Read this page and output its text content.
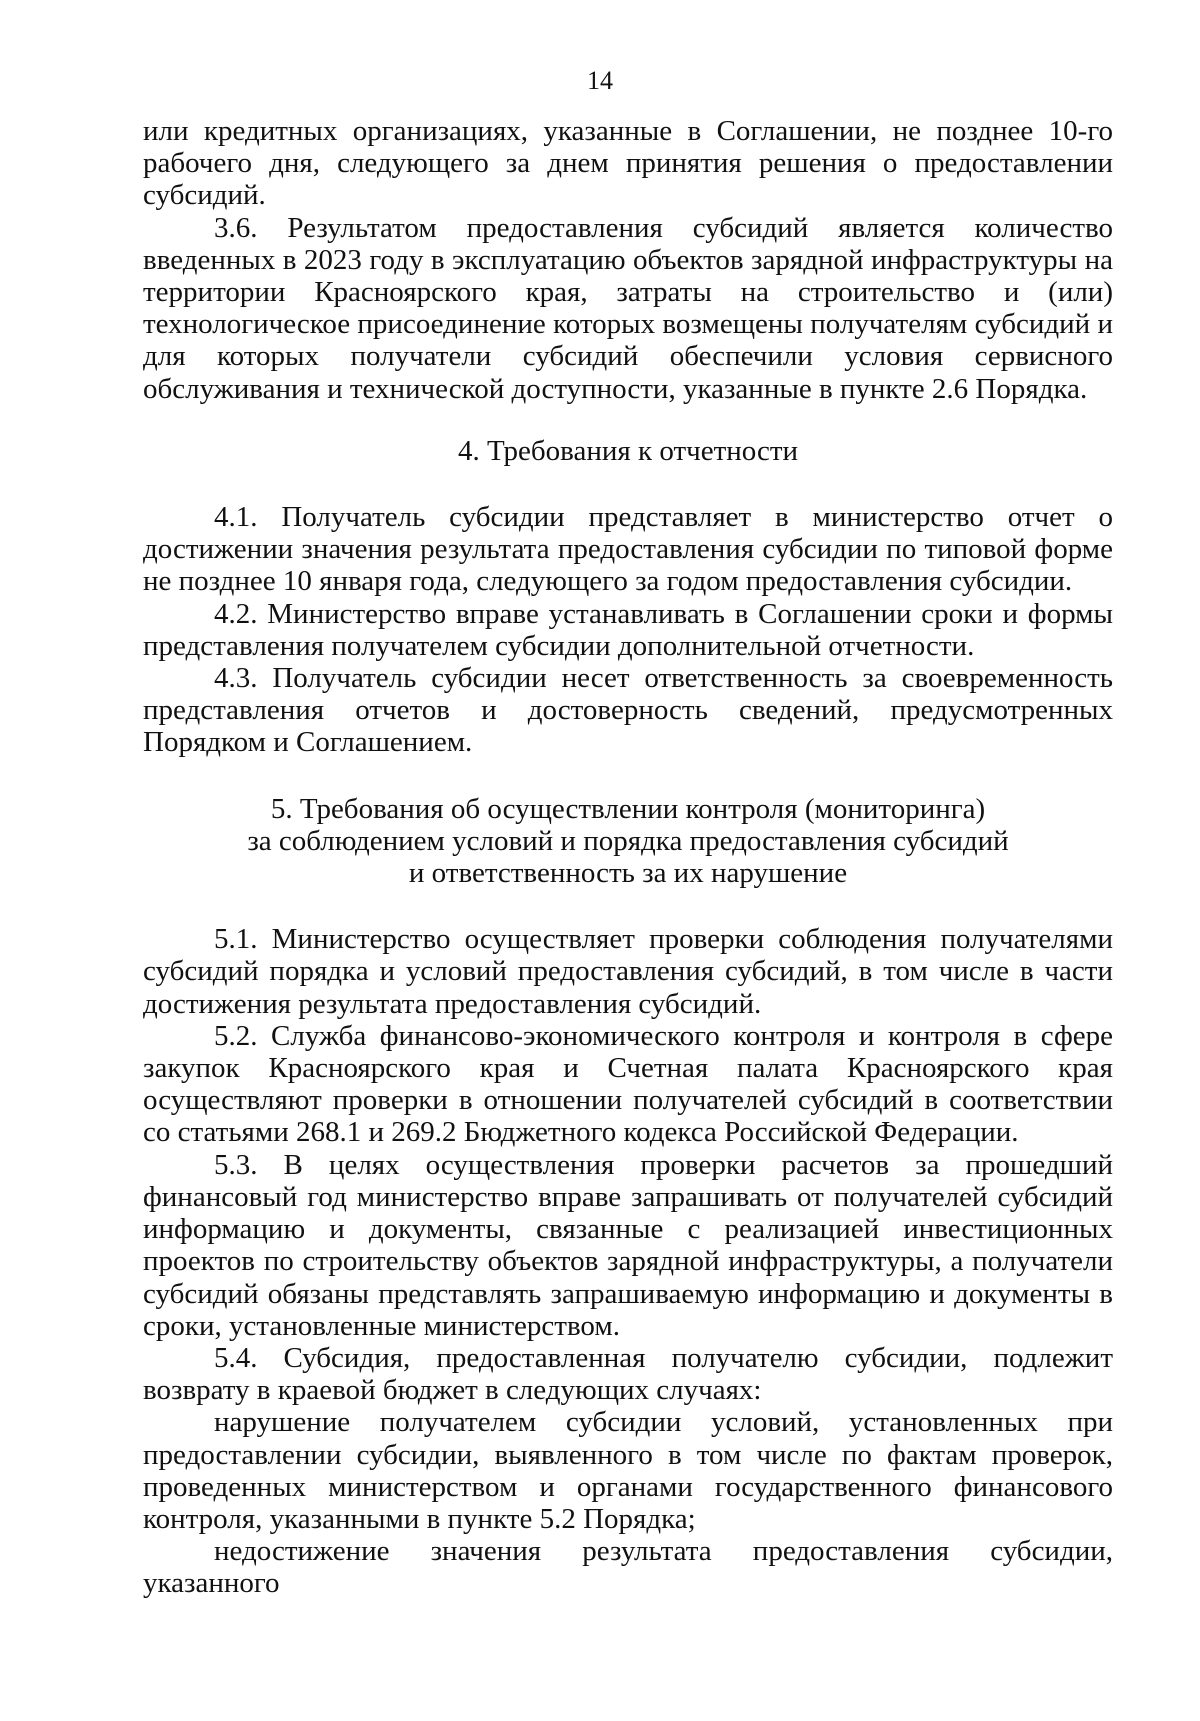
14

или кредитных организациях, указанные в Соглашении, не позднее 10-го рабочего дня, следующего за днем принятия решения о предоставлении субсидий.

3.6. Результатом предоставления субсидий является количество введенных в 2023 году в эксплуатацию объектов зарядной инфраструктуры на территории Красноярского края, затраты на строительство и (или) технологическое присоединение которых возмещены получателям субсидий и для которых получатели субсидий обеспечили условия сервисного обслуживания и технической доступности, указанные в пункте 2.6 Порядка.

4. Требования к отчетности

4.1. Получатель субсидии представляет в министерство отчет о достижении значения результата предоставления субсидии по типовой форме не позднее 10 января года, следующего за годом предоставления субсидии.

4.2. Министерство вправе устанавливать в Соглашении сроки и формы представления получателем субсидии дополнительной отчетности.

4.3. Получатель субсидии несет ответственность за своевременность представления отчетов и достоверность сведений, предусмотренных Порядком и Соглашением.

5. Требования об осуществлении контроля (мониторинга)
за соблюдением условий и порядка предоставления субсидий
и ответственность за их нарушение

5.1. Министерство осуществляет проверки соблюдения получателями субсидий порядка и условий предоставления субсидий, в том числе в части достижения результата предоставления субсидий.

5.2. Служба финансово-экономического контроля и контроля в сфере закупок Красноярского края и Счетная палата Красноярского края осуществляют проверки в отношении получателей субсидий в соответствии со статьями 268.1 и 269.2 Бюджетного кодекса Российской Федерации.

5.3. В целях осуществления проверки расчетов за прошедший финансовый год министерство вправе запрашивать от получателей субсидий информацию и документы, связанные с реализацией инвестиционных проектов по строительству объектов зарядной инфраструктуры, а получатели субсидий обязаны представлять запрашиваемую информацию и документы в сроки, установленные министерством.

5.4. Субсидия, предоставленная получателю субсидии, подлежит возврату в краевой бюджет в следующих случаях:

нарушение получателем субсидии условий, установленных при предоставлении субсидии, выявленного в том числе по фактам проверок, проведенных министерством и органами государственного финансового контроля, указанными в пункте 5.2 Порядка;

недостижение значения результата предоставления субсидии, указанного
